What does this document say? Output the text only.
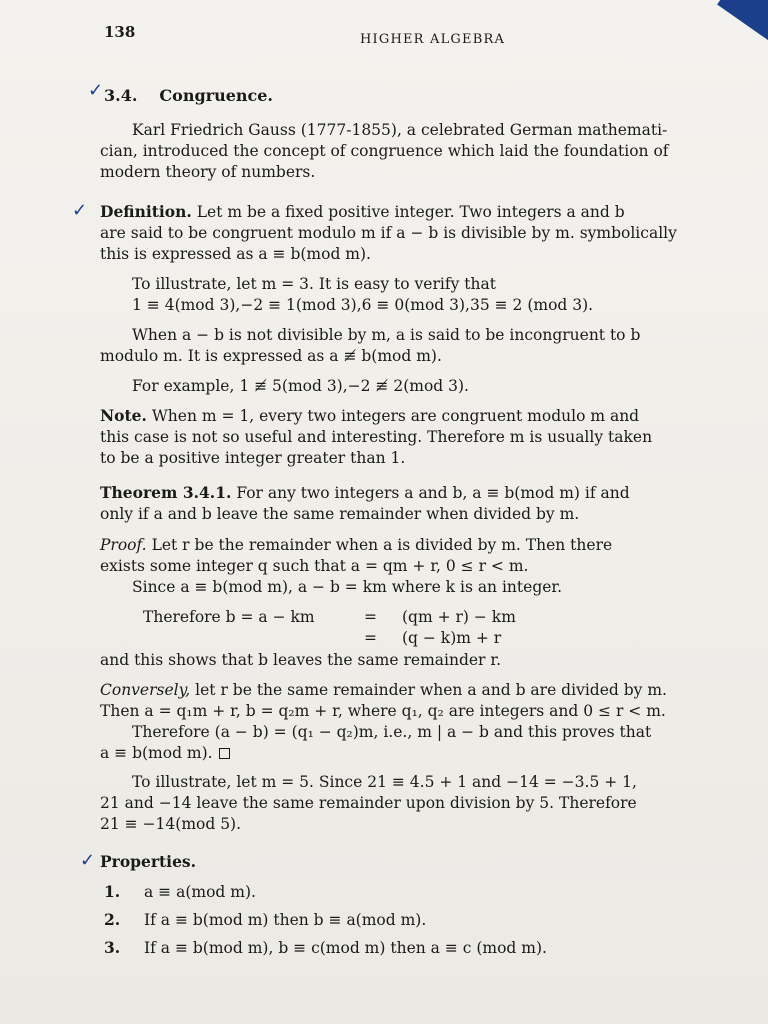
138	HIGHER ALGEBRA
✓ 3.4. Congruence.
Karl Friedrich Gauss (1777-1855), a celebrated German mathemati-
cian, introduced the concept of congruence which laid the foundation of
modern theory of numbers.
✓ Definition. Let m be a fixed positive integer. Two integers a and b
are said to be congruent modulo m if a − b is divisible by m. symbolically
this is expressed as a ≡ b(mod m).
To illustrate, let m = 3. It is easy to verify that
1 ≡ 4(mod 3),−2 ≡ 1(mod 3),6 ≡ 0(mod 3),35 ≡ 2 (mod 3).
When a − b is not divisible by m, a is said to be incongruent to b
modulo m. It is expressed as a ≢ b(mod m).
For example, 1 ≢ 5(mod 3),−2 ≢ 2(mod 3).
Note. When m = 1, every two integers are congruent modulo m and
this case is not so useful and interesting. Therefore m is usually taken
to be a positive integer greater than 1.
Theorem 3.4.1. For any two integers a and b, a ≡ b(mod m) if and
only if a and b leave the same remainder when divided by m.
Proof. Let r be the remainder when a is divided by m. Then there
exists some integer q such that a = qm + r, 0 ≤ r < m.
Since a ≡ b(mod m), a − b = km where k is an integer.
Therefore b = a − km	= (qm + r) − km
= (q − k)m + r
and this shows that b leaves the same remainder r.
Conversely, let r be the same remainder when a and b are divided by m.
Then a = q₁m + r, b = q₂m + r, where q₁, q₂ are integers and 0 ≤ r < m.
Therefore (a − b) = (q₁ − q₂)m, i.e., m | a − b and this proves that
a ≡ b(mod m).
To illustrate, let m = 5. Since 21 ≡ 4.5 + 1 and −14 = −3.5 + 1,
21 and −14 leave the same remainder upon division by 5. Therefore
21 ≡ −14(mod 5).
✓ Properties.
1. a ≡ a(mod m).
2. If a ≡ b(mod m) then b ≡ a(mod m).
3. If a ≡ b(mod m), b ≡ c(mod m) then a ≡ c (mod m).
